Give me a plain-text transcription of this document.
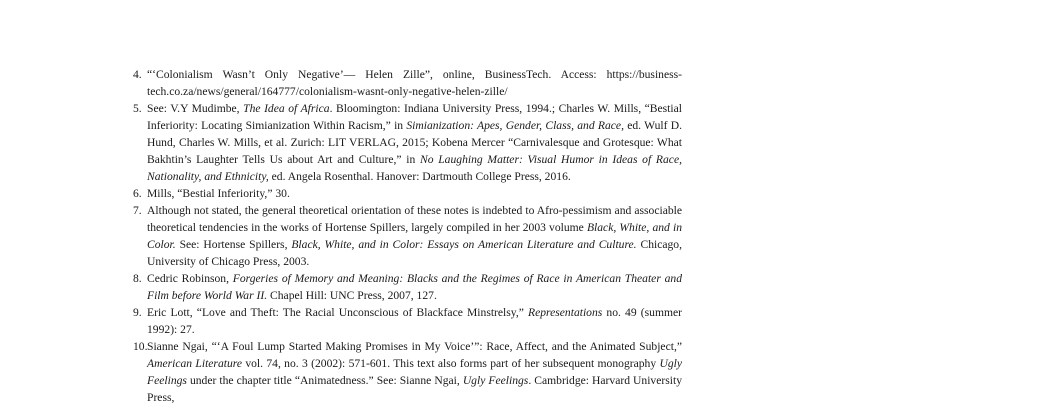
4. “‘Colonialism Wasn’t Only Negative’— Helen Zille”, online, BusinessTech. Access: https://business-tech.co.za/news/general/164777/colonialism-wasnt-only-negative-helen-zille/
5. See: V.Y Mudimbe, The Idea of Africa. Bloomington: Indiana University Press, 1994.; Charles W. Mills, “Bestial Inferiority: Locating Simianization Within Racism,” in Simianization: Apes, Gender, Class, and Race, ed. Wulf D. Hund, Charles W. Mills, et al. Zurich: LIT VERLAG, 2015; Kobena Mercer “Carnivalesque and Grotesque: What Bakhtin’s Laughter Tells Us about Art and Culture,” in No Laughing Matter: Visual Humor in Ideas of Race, Nationality, and Ethnicity, ed. Angela Rosenthal. Hanover: Dartmouth College Press, 2016.
6. Mills, “Bestial Inferiority,” 30.
7. Although not stated, the general theoretical orientation of these notes is indebted to Afro-pessimism and associable theoretical tendencies in the works of Hortense Spillers, largely compiled in her 2003 volume Black, White, and in Color. See: Hortense Spillers, Black, White, and in Color: Essays on American Literature and Culture. Chicago, University of Chicago Press, 2003.
8. Cedric Robinson, Forgeries of Memory and Meaning: Blacks and the Regimes of Race in American Theater and Film before World War II. Chapel Hill: UNC Press, 2007, 127.
9. Eric Lott, “Love and Theft: The Racial Unconscious of Blackface Minstrelsy,” Representations no. 49 (summer 1992): 27.
10. Sianne Ngai, “‘A Foul Lump Started Making Promises in My Voice’”: Race, Affect, and the Animated Subject,” American Literature vol. 74, no. 3 (2002): 571-601. This text also forms part of her subsequent monography Ugly Feelings under the chapter title “Animatedness.” See: Sianne Ngai, Ugly Feelings. Cambridge: Harvard University Press,
